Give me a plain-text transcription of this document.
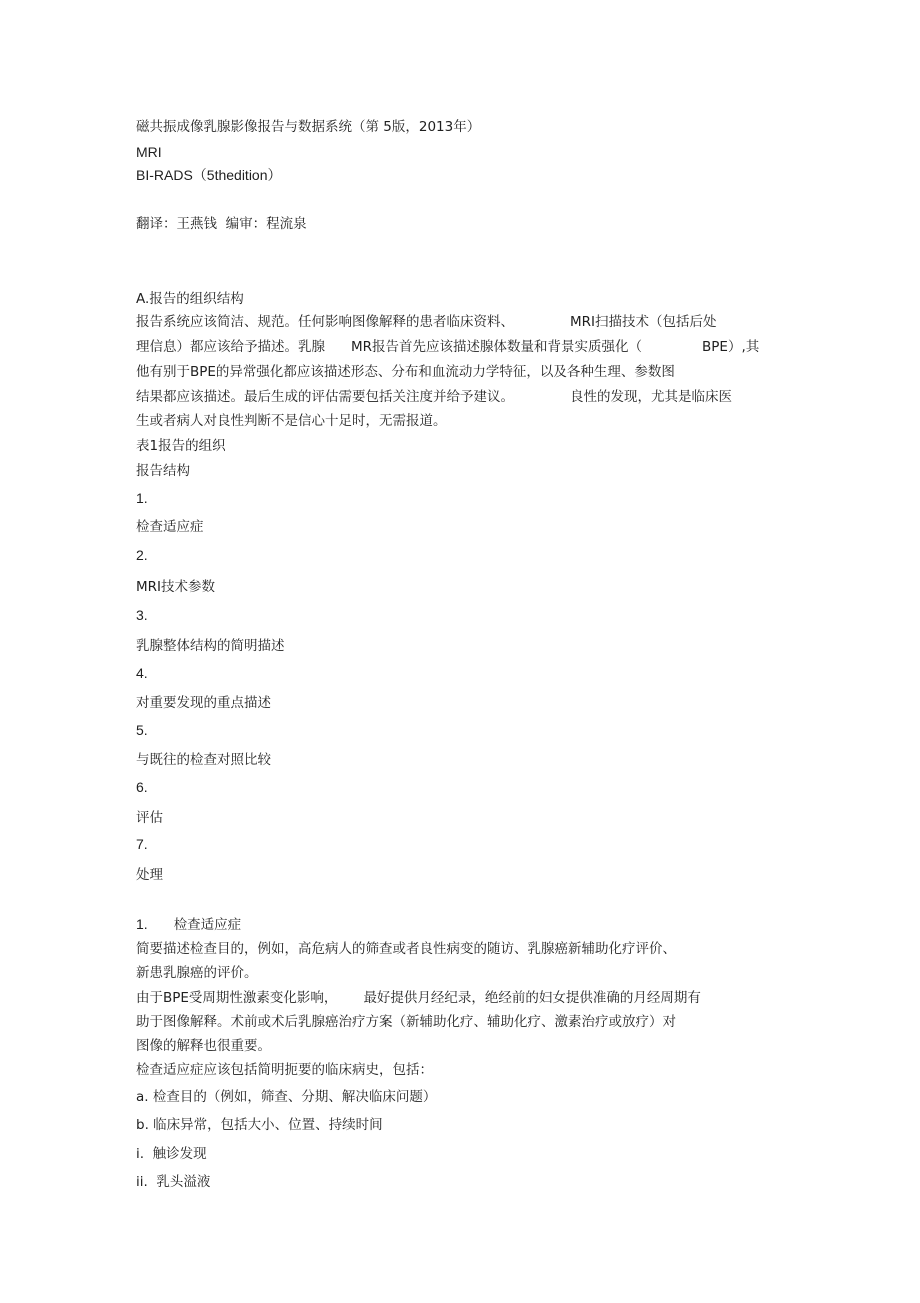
磁共振成像乳腺影像报告与数据系统（第 5版，2013年）
MRI
BI-RADS（5thedition）
翻译：王燕钱  编审：程流泉
A.报告的组织结构
报告系统应该简洁、规范。任何影响图像解释的患者临床资料、	MRI扫描技术（包括后处
理信息）都应该给予描述。乳腺 MR报告首先应该描述腺体数量和背景实质强化（	BPE）,其
他有别于BPE的异常强化都应该描述形态、分布和血流动力学特征，以及各种生理、参数图
结果都应该描述。最后生成的评估需要包括关注度并给予建议。	良性的发现，尤其是临床医
生或者病人对良性判断不是信心十足时，无需报道。
表1报告的组织
报告结构
1.
检查适应症
2.
MRI技术参数
3.
乳腺整体结构的简明描述
4.
对重要发现的重点描述
5.
与既往的检查对照比较
6.
评估
7.
处理
1. 检查适应症
简要描述检查目的，例如，高危病人的筛查或者良性病变的随访、乳腺癌新辅助化疗评价、
新患乳腺癌的评价。
由于BPE受周期性激素变化影响， 最好提供月经纪录，绝经前的妇女提供准确的月经周期有
助于图像解释。术前或术后乳腺癌治疗方案（新辅助化疗、辅助化疗、激素治疗或放疗）对
图像的解释也很重要。
检查适应症应该包括简明扼要的临床病史，包括：
a. 检查目的（例如，筛查、分期、解决临床问题）
b. 临床异常，包括大小、位置、持续时间
i.  触诊发现
ii.  乳头溢液
